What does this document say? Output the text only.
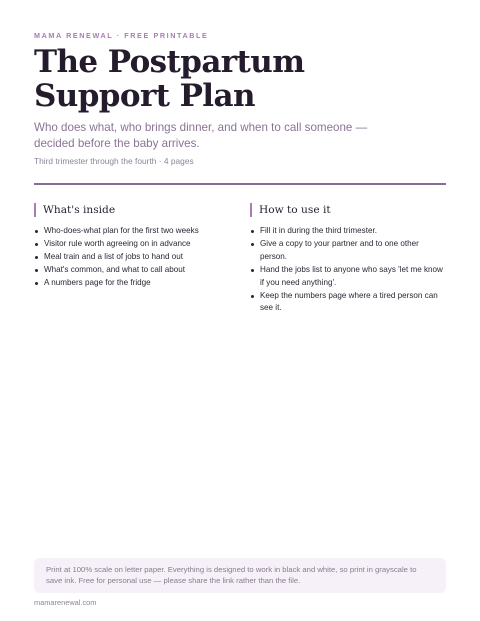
MAMA RENEWAL · FREE PRINTABLE
The Postpartum Support Plan

Who does what, who brings dinner, and when to call someone — decided before the baby arrives.

Third trimester through the fourth · 4 pages
What's inside
Who-does-what plan for the first two weeks
Visitor rule worth agreeing on in advance
Meal train and a list of jobs to hand out
What's common, and what to call about
A numbers page for the fridge
How to use it
Fill it in during the third trimester.
Give a copy to your partner and to one other person.
Hand the jobs list to anyone who says 'let me know if you need anything'.
Keep the numbers page where a tired person can see it.
Print at 100% scale on letter paper. Everything is designed to work in black and white, so print in grayscale to save ink. Free for personal use — please share the link rather than the file.
mamarenewal.com
